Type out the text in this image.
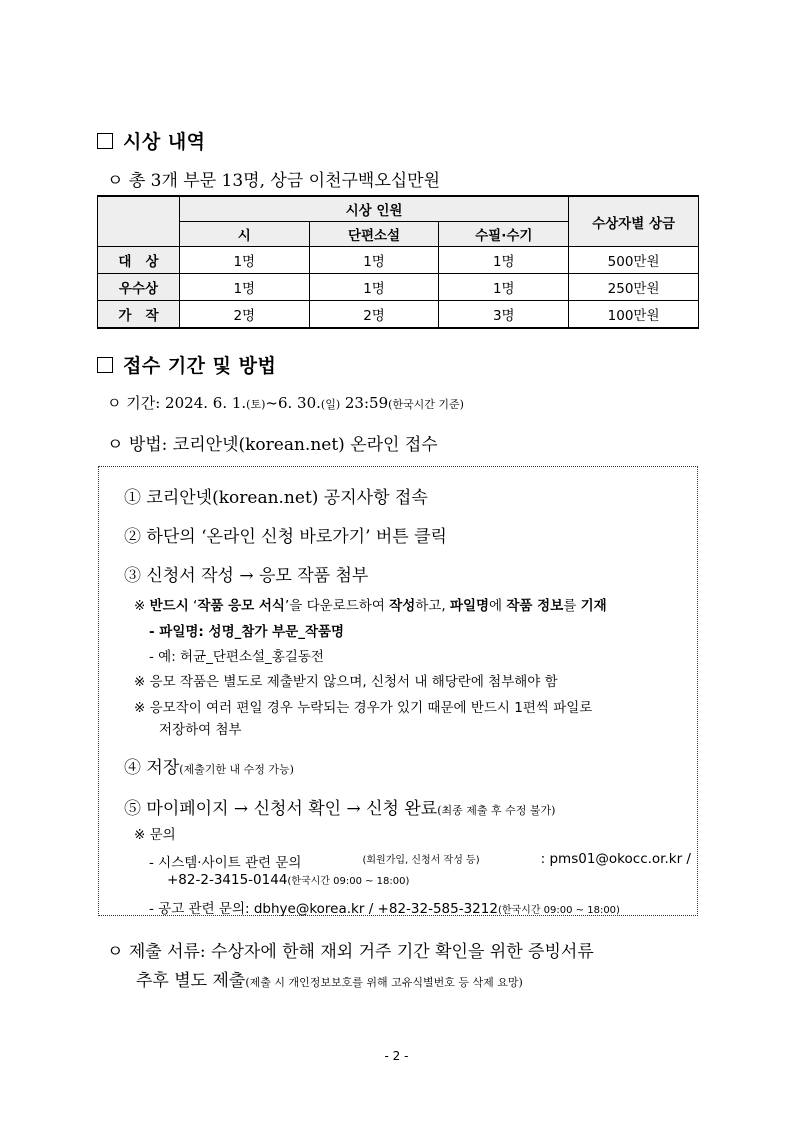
시상 내역
ㅇ 총 3개 부문 13명, 상금 이천구백오십만원
	시상 인원			수상자별 상금
	시	단편소설	수필·수기	
대   상	1명	1명	1명	500만원
우수상	1명	1명	1명	250만원
가   작	2명	2명	3명	100만원
접수 기간 및 방법
ㅇ 기간: 2024. 6. 1.(토)~6. 30.(일) 23:59(한국시간 기준)
ㅇ 방법: 코리안넷(korean.net) 온라인 접수
① 코리안넷(korean.net) 공지사항 접속
② 하단의 ‘온라인 신청 바로가기’ 버튼 클릭
③ 신청서 작성 → 응모 작품 첨부
※ 반드시 ‘작품 응모 서식’을 다운로드하여 작성하고, 파일명에 작품 정보를 기재
- 파일명: 성명_참가 부문_작품명
- 예: 허균_단편소설_홍길동전
※ 응모 작품은 별도로 제출받지 않으며, 신청서 내 해당란에 첨부해야 함
※ 응모작이 여러 편일 경우 누락되는 경우가 있기 때문에 반드시 1편씩 파일로
저장하여 첨부
④ 저장(제출기한 내 수정 가능)
⑤ 마이페이지 → 신청서 확인 → 신청 완료(최종 제출 후 수정 불가)
※ 문의
- 시스템·사이트 관련 문의	(회원가입, 신청서 작성 등)	: pms01@okocc.or.kr /
+82-2-3415-0144(한국시간 09:00 ~ 18:00)
- 공고 관련 문의: dbhye@korea.kr / +82-32-585-3212(한국시간 09:00 ~ 18:00)
ㅇ 제출 서류: 수상자에 한해 재외 거주 기간 확인을 위한 증빙서류
추후 별도 제출(제출 시 개인정보보호를 위해 고유식별번호 등 삭제 요망)
- 2 -
